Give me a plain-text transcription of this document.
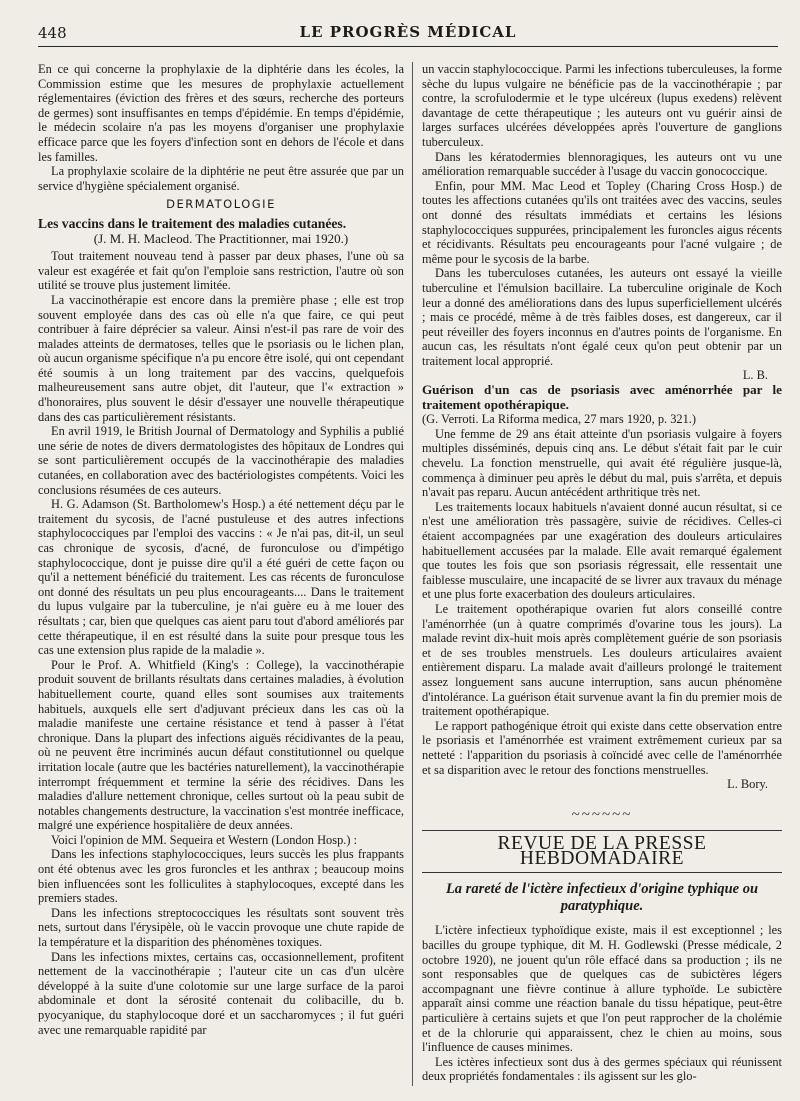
448	LE PROGRÈS MÉDICAL

En ce qui concerne la prophylaxie de la diphtérie dans les écoles, la Commission estime que les mesures de prophylaxie actuellement réglementaires (éviction des frères et des sœurs, recherche des porteurs de germes) sont insuffisantes en temps d'épidémie. En temps d'épidémie, le médecin scolaire n'a pas les moyens d'organiser une prophylaxie efficace parce que les foyers d'infection sont en dehors de l'école et dans les familles.

La prophylaxie scolaire de la diphtérie ne peut être assurée que par un service d'hygiène spécialement organisé.

DERMATOLOGIE

Les vaccins dans le traitement des maladies cutanées.

(J. M. H. Macleod. The Practitionner, mai 1920.)

Tout traitement nouveau tend à passer par deux phases, l'une où sa valeur est exagérée et fait qu'on l'emploie sans restriction, l'autre où son utilité se trouve plus justement limitée.

La vaccinothérapie est encore dans la première phase ; elle est trop souvent employée dans des cas où elle n'a que faire, ce qui peut contribuer à faire déprécier sa valeur. Ainsi n'est-il pas rare de voir des malades atteints de dermatoses, telles que le psoriasis ou le lichen plan, où aucun organisme spécifique n'a pu encore être isolé, qui ont cependant été soumis à un long traitement par des vaccins, quelquefois malheureusement sans autre objet, dit l'auteur, que l'« extraction » d'honoraires, plus souvent le désir d'essayer une nouvelle thérapeutique dans des cas particulièrement résistants.

En avril 1919, le British Journal of Dermatology and Syphilis a publié une série de notes de divers dermatologistes des hôpitaux de Londres qui se sont particulièrement occupés de la vaccinothérapie des maladies cutanées, en collaboration avec des bactériologistes compétents. Voici les conclusions résumées de ces auteurs.

H. G. Adamson (St. Bartholomew's Hosp.) a été nettement déçu par le traitement du sycosis, de l'acné pustuleuse et des autres infections staphylococciques par l'emploi des vaccins : « Je n'ai pas, dit-il, un seul cas chronique de sycosis, d'acné, de furonculose ou d'impétigo staphylococcique, dont je puisse dire qu'il a été guéri de cette façon ou qu'il a nettement bénéficié du traitement. Les cas récents de furonculose ont donné des résultats un peu plus encourageants.... Dans le traitement du lupus vulgaire par la tuberculine, je n'ai guère eu à me louer des résultats ; car, bien que quelques cas aient paru tout d'abord améliorés par cette thérapeutique, il en est résulté dans la suite pour presque tous les cas une extension plus rapide de la maladie ».

Pour le Prof. A. Whitfield (King's : College), la vaccinothérapie produit souvent de brillants résultats dans certaines maladies, à évolution habituellement courte, quand elles sont soumises aux traitements habituels, auxquels elle sert d'adjuvant précieux dans les cas où la maladie manifeste une certaine résistance et tend à passer à l'état chronique. Dans la plupart des infections aiguës récidivantes de la peau, où ne peuvent être incriminés aucun défaut constitutionnel ou quelque irritation locale (autre que les bactéries naturellement), la vaccinothérapie interrompt fréquemment et termine la série des récidives. Dans les maladies d'allure nettement chronique, celles surtout où la peau subit de notables changements destructure, la vaccination s'est montrée inefficace, malgré une expérience hospitalière de deux années.

Voici l'opinion de MM. Sequeira et Western (London Hosp.) :

Dans les infections staphylococciques, leurs succès les plus frappants ont été obtenus avec les gros furoncles et les anthrax ; beaucoup moins bien influencées sont les folliculites à staphylocoques, excepté dans les premiers stades.

Dans les infections streptococciques les résultats sont souvent très nets, surtout dans l'érysipèle, où le vaccin provoque une chute rapide de la température et la disparition des phénomènes toxiques.

Dans les infections mixtes, certains cas, occasionnellement, profitent nettement de la vaccinothérapie ; l'auteur cite un cas d'un ulcère développé à la suite d'une colotomie sur une large surface de la paroi abdominale et dont la sérosité contenait du colibacille, du b. pyocyanique, du staphylocoque doré et un saccharomyces ; il fut guéri avec une remarquable rapidité par

un vaccin staphylococcique. Parmi les infections tuberculeuses, la forme sèche du lupus vulgaire ne bénéficie pas de la vaccinothérapie ; par contre, la scrofulodermie et le type ulcéreux (lupus exedens) relèvent davantage de cette thérapeutique ; les auteurs ont vu guérir ainsi de larges surfaces ulcérées développées après l'ouverture de ganglions tuberculeux.

Dans les kératodermies blennoragiques, les auteurs ont vu une amélioration remarquable succéder à l'usage du vaccin gonococcique.

Enfin, pour MM. Mac Leod et Topley (Charing Cross Hosp.) de toutes les affections cutanées qu'ils ont traitées avec des vaccins, seules ont donné des résultats immédiats et certains les lésions staphylococciques suppurées, principalement les furoncles aigus récents et récidivants. Résultats peu encourageants pour l'acné vulgaire ; de même pour le sycosis de la barbe.

Dans les tuberculoses cutanées, les auteurs ont essayé la vieille tuberculine et l'émulsion bacillaire. La tuberculine originale de Koch leur a donné des améliorations dans des lupus superficiellement ulcérés ; mais ce procédé, même à de très faibles doses, est dangereux, car il peut réveiller des foyers inconnus en d'autres points de l'organisme. En aucun cas, les résultats n'ont égalé ceux qu'on peut obtenir par un traitement local approprié.

L. B.

Guérison d'un cas de psoriasis avec aménorrhée par le traitement opothérapique.

(G. Verroti. La Riforma medica, 27 mars 1920, p. 321.)

Une femme de 29 ans était atteinte d'un psoriasis vulgaire à foyers multiples disséminés, depuis cinq ans. Le début s'était fait par le cuir chevelu. La fonction menstruelle, qui avait été régulière jusque-là, commença à diminuer peu après le début du mal, puis s'arrêta, et depuis n'avait pas reparu. Aucun antécédent arthritique très net.

Les traitements locaux habituels n'avaient donné aucun résultat, si ce n'est une amélioration très passagère, suivie de récidives. Celles-ci étaient accompagnées par une exagération des douleurs articulaires habituellement accusées par la malade. Elle avait remarqué également que toutes les fois que son psoriasis régressait, elle ressentait une faiblesse musculaire, une incapacité de se livrer aux travaux du ménage et une plus forte exacerbation des douleurs articulaires.

Le traitement opothérapique ovarien fut alors conseillé contre l'aménorrhée (un à quatre comprimés d'ovarine tous les jours). La malade revint dix-huit mois après complètement guérie de son psoriasis et de ses troubles menstruels. Les douleurs articulaires avaient entièrement disparu. La malade avait d'ailleurs prolongé le traitement assez longuement sans aucune interruption, sans aucun phénomène d'intolérance. La guérison était survenue avant la fin du premier mois de traitement opothérapique.

Le rapport pathogénique étroit qui existe dans cette observation entre le psoriasis et l'aménorrhée est vraiment extrêmement curieux par sa netteté : l'apparition du psoriasis à coïncidé avec celle de l'aménorrhée et sa disparition avec le retour des fonctions menstruelles.

L. Bory.
~~~~~~
REVUE DE LA PRESSE HEBDOMADAIRE
La rareté de l'ictère infectieux d'origine typhique ou paratyphique.

L'ictère infectieux typhoïdique existe, mais il est exceptionnel ; les bacilles du groupe typhique, dit M. H. Godlewski (Presse médicale, 2 octobre 1920), ne jouent qu'un rôle effacé dans sa production ; ils ne sont responsables que de quelques cas de subictères légers accompagnant une fièvre continue à allure typhoïde. Le subictère apparaît ainsi comme une réaction banale du tissu hépatique, peut-être particulière à certains sujets et que l'on peut rapprocher de la cholémie et de la chlorurie qui apparaissent, chez le chien au moins, sous l'influence de causes minimes.

Les ictères infectieux sont dus à des germes spéciaux qui réunissent deux propriétés fondamentales : ils agissent sur les glo-
